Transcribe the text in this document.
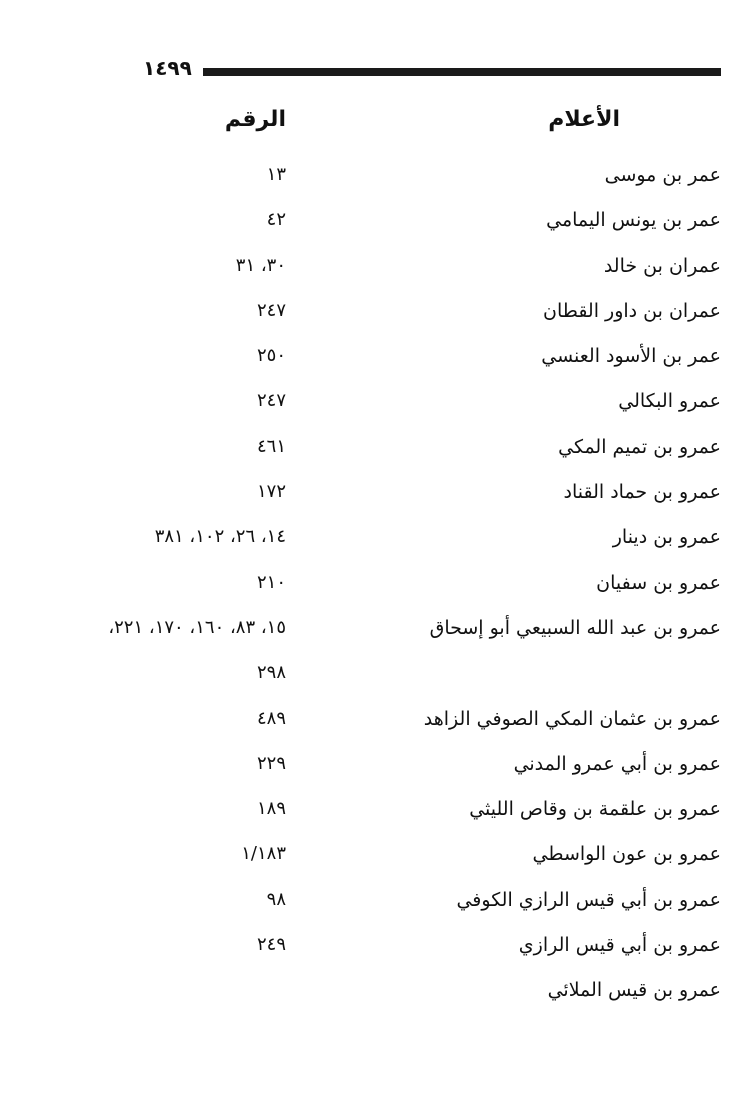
١٤٩٩
الأعلام
الرقم
عمر بن موسى
١٣
عمر بن يونس اليمامي
٤٢
عمران بن خالد
٣٠، ٣١
عمران بن داور القطان
٢٤٧
عمر بن الأسود العنسي
٢٥٠
عمرو البكالي
٢٤٧
عمرو بن تميم المكي
٤٦١
عمرو بن حماد القناد
١٧٢
عمرو بن دينار
١٤، ٢٦، ١٠٢، ٣٨١
عمرو بن سفيان
٢١٠
عمرو بن عبد الله السبيعي أبو إسحاق
١٥، ٨٣، ١٦٠، ١٧٠، ٢٢١،
٢٩٨
عمرو بن عثمان المكي الصوفي الزاهد
٤٨٩
عمرو بن أبي عمرو المدني
٢٢٩
عمرو بن علقمة بن وقاص الليثي
١٨٩
عمرو بن عون الواسطي
١/١٨٣
عمرو بن أبي قيس الرازي الكوفي
٩٨
عمرو بن أبي قيس الرازي
٢٤٩
عمرو بن قيس الملائي
